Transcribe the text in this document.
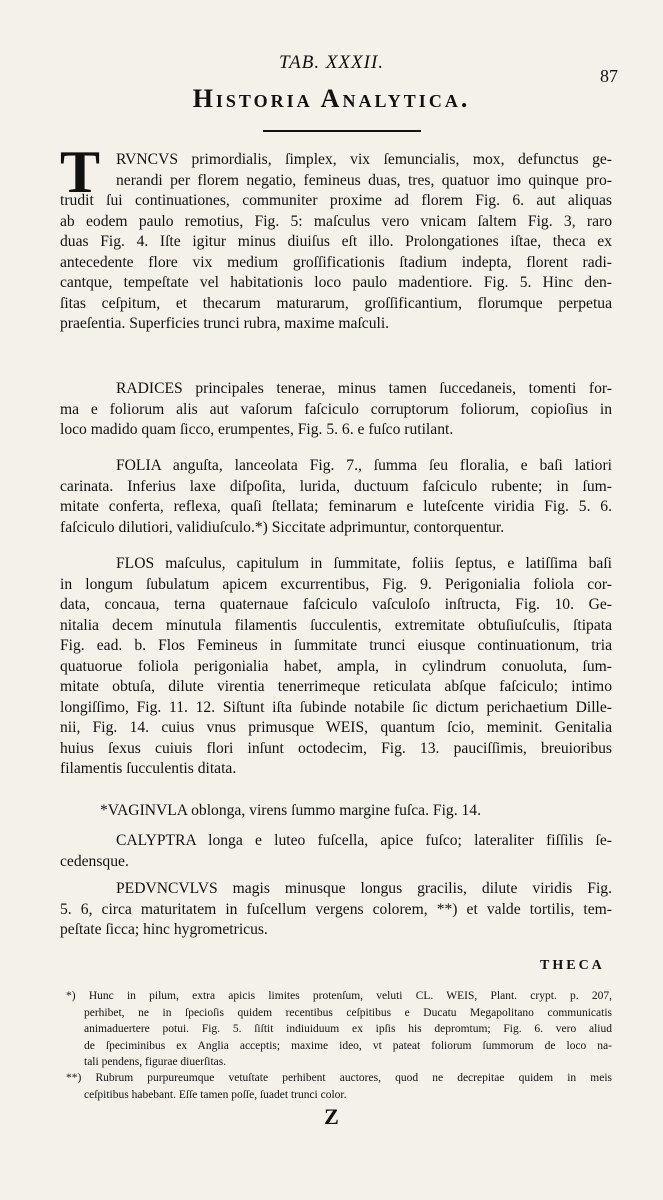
TAB. XXXII.
87
Historia Analytica.
T	RVNCVS primordialis, ſimplex, vix ſemuncialis, mox, defunctus ge-
nerandi per florem negatio, femineus duas, tres, quatuor imo quinque pro-
trudit ſui continuationes, communiter proxime ad florem Fig. 6. aut aliquas
ab eodem paulo remotius, Fig. 5: maſculus vero vnicam ſaltem Fig. 3, raro
duas Fig. 4. Iſte igitur minus diuiſus eſt illo. Prolongationes iſtae, theca ex
antecedente flore vix medium groſſificationis ſtadium indepta, florent radi-
cantque, tempeſtate vel habitationis loco paulo madentiore. Fig. 5. Hinc den-
ſitas ceſpitum, et thecarum maturarum, groſſificantium, florumque perpetua
praeſentia. Superficies trunci rubra, maxime maſculi.
RADICES principales tenerae, minus tamen ſuccedaneis, tomenti for-
ma e foliorum alis aut vaſorum faſciculo corruptorum foliorum, copioſius in
loco madido quam ſicco, erumpentes, Fig. 5. 6. e fuſco rutilant.
FOLIA anguſta, lanceolata Fig. 7., ſumma ſeu floralia, e baſi latiori
carinata. Inferius laxe diſpoſita, lurida, ductuum faſciculo rubente; in ſum-
mitate conferta, reflexa, quaſi ſtellata; feminarum e luteſcente viridia Fig. 5. 6.
faſciculo dilutiori, validiuſculo.*) Siccitate adprimuntur, contorquentur.
FLOS maſculus, capitulum in ſummitate, foliis ſeptus, e latiſſima baſi
in longum ſubulatum apicem excurrentibus, Fig. 9. Perigonialia foliola cor-
data, concaua, terna quaternaue faſciculo vaſculoſo inſtructa, Fig. 10. Ge-
nitalia decem minutula filamentis ſucculentis, extremitate obtuſiuſculis, ſtipata
Fig. ead. b. Flos Femineus in ſummitate trunci eiusque continuationum, tria
quatuorue foliola perigonialia habet, ampla, in cylindrum conuoluta, ſum-
mitate obtuſa, dilute virentia tenerrimeque reticulata abſque faſciculo; intimo
longiſſimo, Fig. 11. 12. Siſtunt iſta ſubinde notabile ſic dictum perichaetium Dille-
nii, Fig. 14. cuius vnus primusque WEIS, quantum ſcio, meminit. Genitalia
huius ſexus cuiuis flori inſunt octodecim, Fig. 13. pauciſſimis, breuioribus
filamentis ſucculentis ditata.
*VAGINVLA oblonga, virens ſummo margine fuſca. Fig. 14.
CALYPTRA longa e luteo fuſcella, apice fuſco; lateraliter fiſſilis ſe-
cedensque.
PEDVNCVLVS magis minusque longus gracilis, dilute viridis Fig.
5. 6, circa maturitatem in fuſcellum vergens colorem, **) et valde tortilis, tem-
peſtate ſicca; hinc hygrometricus.
THECA
*) Hunc in pilum, extra apicis limites protenſum, veluti CL. WEIS, Plant. crypt. p. 207,
perhibet, ne in ſpecioſis quidem recentibus ceſpitibus e Ducatu Megapolitano communicatis
animaduertere potui. Fig. 5. ſiſtit indiuiduum ex ipſis his depromtum; Fig. 6. vero aliud
de ſpeciminibus ex Anglia acceptis; maxime ideo, vt pateat foliorum ſummorum de loco na-
tali pendens, figurae diuerſitas.
**) Rubrum purpureumque vetuſtate perhibent auctores, quod ne decrepitae quidem in meis
ceſpitibus habebant. Eſſe tamen poſſe, ſuadet trunci color.
Z
